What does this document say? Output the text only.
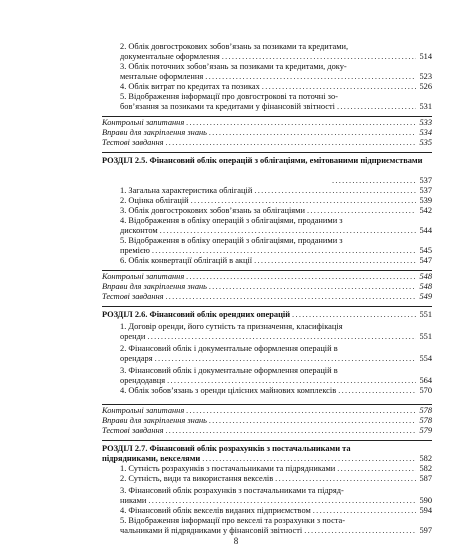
2. Облік довгострокових зобов’язань за позиками та кредитами,
документальне оформлення .....	514
3. Облік поточних зобов’язань за позиками та кредитами, доку-
ментальне оформлення .....	523
4. Облік витрат по кредитах та позиках .....	526
5. Відображення інформації про довгострокові та поточні зо-
бов’язання за позиками та кредитами у фінансовій звітності .....	531
Контрольні запитання .....	533
Вправи для закріплення знань .....	534
Тестові завдання .....	535
РОЗДІЛ 2.5. Фінансовий облік операцій з облігаціями, емітованими підприємствами
.....
537
1. Загальна характеристика облігацій .....	537
2. Оцінка облігацій .....	539
3. Облік довгострокових зобов’язань за облігаціями .....	542
4. Відображення в обліку операцій з облігаціями, проданими з
дисконтом .....	544
5. Відображення в обліку операцій з облігаціями, проданими з
премією .....	545
6. Облік конвертації облігацій в акції .....	547
Контрольні запитання .....	548
Вправи для закріплення знань .....	548
Тестові завдання .....	549
РОЗДІЛ 2.6. Фінансовий облік орендних операцій .....	551
1. Договір оренди, його сутність та призначення, класифікація
оренди .....	551
2. Фінансовий облік і документальне оформлення операцій в
орендаря .....	554
3. Фінансовий облік і документальне оформлення операцій в
орендодавця .....	564
4. Облік зобов’язань з оренди цілісних майнових комплексів .....	570
Контрольні запитання .....	578
Вправи для закріплення знань .....	578
Тестові завдання .....	579
РОЗДІЛ 2.7. Фінансовий облік розрахунків з постачальниками та
підрядниками, векселями .....	582
1. Сутність розрахунків з постачальниками та підрядниками .....	582
2. Сутність, види та використання векселів .....	587
3. Фінансовий облік розрахунків з постачальниками та підряд-
никами .....	590
4. Фінансовий облік векселів виданих підприємством .....	594
5. Відображення інформації про векселі та розрахунки з поста-
чальниками й підрядниками у фінансовій звітності .....	597
8
